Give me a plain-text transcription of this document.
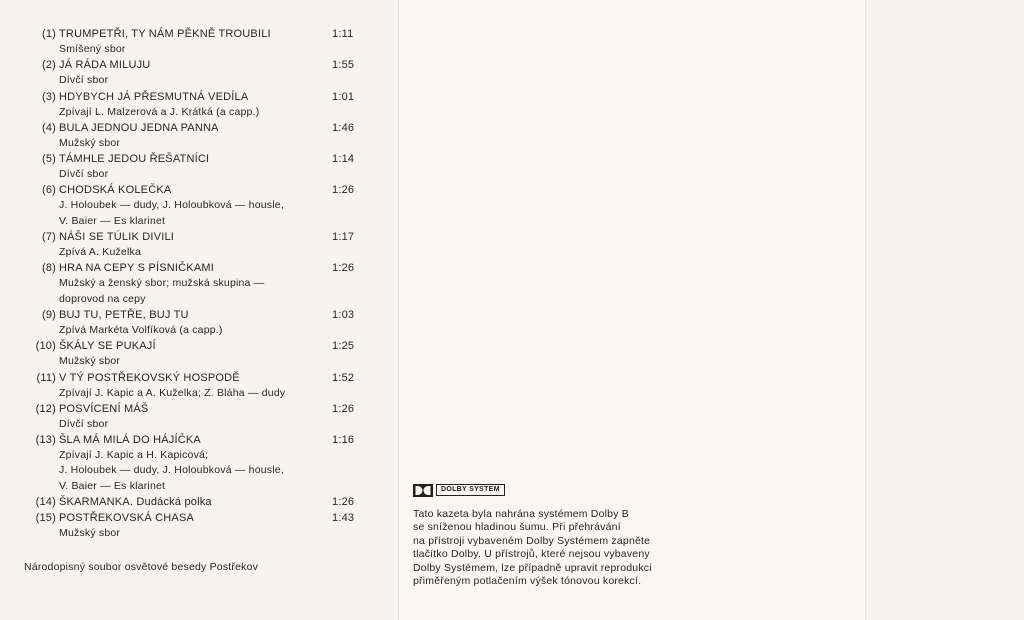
(1) TRUMPETŘI, TY NÁM PĚKNĚ TROUBILI	1:11
Smíšený sbor
(2) JÁ RÁDA MILUJU	1:55
Dívčí sbor
(3) HDYBYCH JÁ PŘESMUTNÁ VEDÍLA	1:01
Zpívají L. Malzerová a J. Krátká (a capp.)
(4) BULA JEDNOU JEDNA PANNA	1:46
Mužský sbor
(5) TÁMHLE JEDOU ŘEŠATNÍCI	1:14
Dívčí sbor
(6) CHODSKÁ KOLEČKA	1:26
J. Holoubek — dudy, J. Holoubková — housle,
V. Baier — Es klarinet
(7) NÁŠI SE TÚLIK DIVILI	1:17
Zpívá A. Kuželka
(8) HRA NA CEPY S PÍSNIČKAMI	1:26
Mužský a ženský sbor; mužská skupina —
doprovod na cepy
(9) BUJ TU, PETŘE, BUJ TU	1:03
Zpívá Markéta Volfíková (a capp.)
(10) ŠKÁLY SE PUKAJÍ	1:25
Mužský sbor
(11) V TÝ POSTŘEKOVSKÝ HOSPODĚ	1:52
Zpívají J. Kapic a A. Kuželka; Z. Bláha — dudy
(12) POSVÍCENÍ MÁŠ	1:26
Dívčí sbor
(13) ŠLA MÁ MILÁ DO HÁJÍČKA	1:16
Zpívají J. Kapic a H. Kapicová;
J. Holoubek — dudy, J. Holoubková — housle,
V. Baier — Es klarinet
(14) ŠKARMANKA. Dudácká polka	1:26
(15) POSTŘEKOVSKÁ CHASA	1:43
Mužský sbor
Národopisný soubor osvětové besedy Postřekov
DOLBY SYSTEM
Tato kazeta byla nahrána systémem Dolby B
se sníženou hladinou šumu. Při přehrávání
na přístroji vybaveném Dolby Systémem zapněte
tlačítko Dolby. U přístrojů, které nejsou vybaveny
Dolby Systémem, lze případně upravit reprodukci
přiměřeným potlačením výšek tónovou korekcí.
